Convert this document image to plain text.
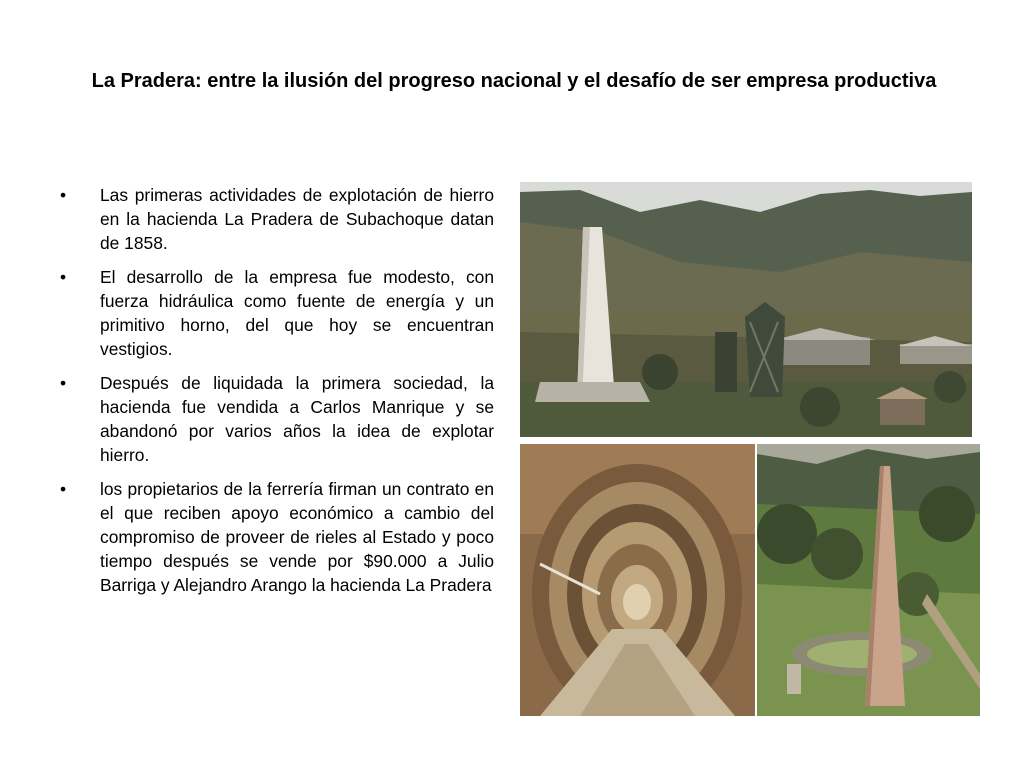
La Pradera: entre la ilusión del progreso nacional y el desafío de ser empresa productiva
•	Las primeras actividades de explotación de hierro en la hacienda La Pradera de Subachoque datan de 1858.
•	El desarrollo de la empresa fue modesto, con fuerza hidráulica como fuente de energía y un primitivo horno, del que hoy se encuentran vestigios.
•	Después de liquidada la primera sociedad, la hacienda fue vendida a Carlos Manrique y se abandonó por varios años la idea de explotar hierro.
•	los propietarios de la ferrería firman un contrato en el que reciben apoyo económico a cambio del compromiso de proveer de rieles al Estado y poco tiempo después se vende por $90.000 a Julio Barriga y Alejandro Arango la hacienda La Pradera
